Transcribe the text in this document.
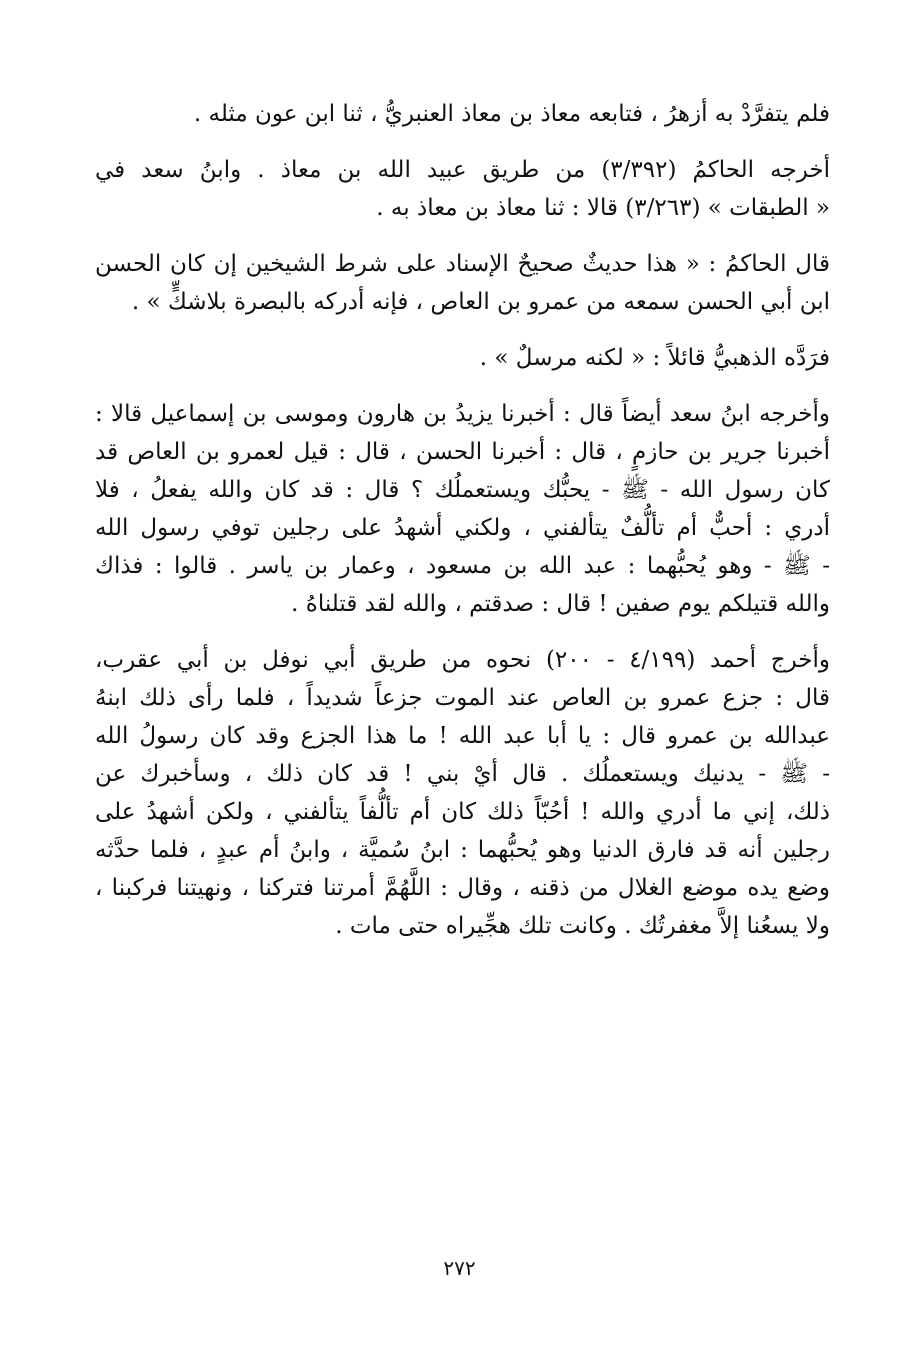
فلم يتفرَّدْ به أزهرُ ، فتابعه معاذ بن معاذ العنبريُّ ، ثنا ابن عون مثله .

أخرجه الحاكمُ (٣/٣٩٢) من طريق عبيد الله بن معاذ . وابنُ سعد في
« الطبقات » (٣/٢٦٣) قالا : ثنا معاذ بن معاذ به .

قال الحاكمُ : « هذا حديثٌ صحيحٌ الإسناد على شرط الشيخين إن كان الحسن
ابن أبي الحسن سمعه من عمرو بن العاص ، فإنه أدركه بالبصرة بلاشكٍّ » .

فرَدَّه الذهبيُّ قائلاً : « لكنه مرسلٌ » .

وأخرجه ابنُ سعد أيضاً قال : أخبرنا يزيدُ بن هارون وموسى بن إسماعيل قالا :
أخبرنا جرير بن حازمٍ ، قال : أخبرنا الحسن ، قال : قيل لعمرو بن العاص قد
كان رسول الله - ﷺ - يحبُّك ويستعملُك ؟ قال : قد كان والله يفعلُ ، فلا
أدري : أحبٌّ أم تألُّفٌ يتألفني ، ولكني أشهدُ على رجلين توفي رسول الله
- ﷺ - وهو يُحبُّهما : عبد الله بن مسعود ، وعمار بن ياسر . قالوا : فذاك
والله قتيلكم يوم صفين ! قال : صدقتم ، والله لقد قتلناهُ .

وأخرج أحمد (٤/١٩٩ - ٢٠٠) نحوه من طريق أبي نوفل بن أبي عقرب،
قال : جزع عمرو بن العاص عند الموت جزعاً شديداً ، فلما رأى ذلك ابنهُ
عبدالله بن عمرو قال : يا أبا عبد الله ! ما هذا الجزع وقد كان رسولُ الله
- ﷺ - يدنيك ويستعملُك . قال أيْ بني ! قد كان ذلك ، وسأخبرك عن
ذلك، إني ما أدري والله ! أحُبّاً ذلك كان أم تألُّفاً يتألفني ، ولكن أشهدُ على
رجلين أنه قد فارق الدنيا وهو يُحبُّهما : ابنُ سُميَّة ، وابنُ أم عبدٍ ، فلما حدَّثه
وضع يده موضع الغلال من ذقنه ، وقال : اللَّهُمَّ أمرتنا فتركنا ، ونهيتنا فركبنا ،
ولا يسعُنا إلاَّ مغفرتُك . وكانت تلك هجِّيراه حتى مات .

٢٧٢
